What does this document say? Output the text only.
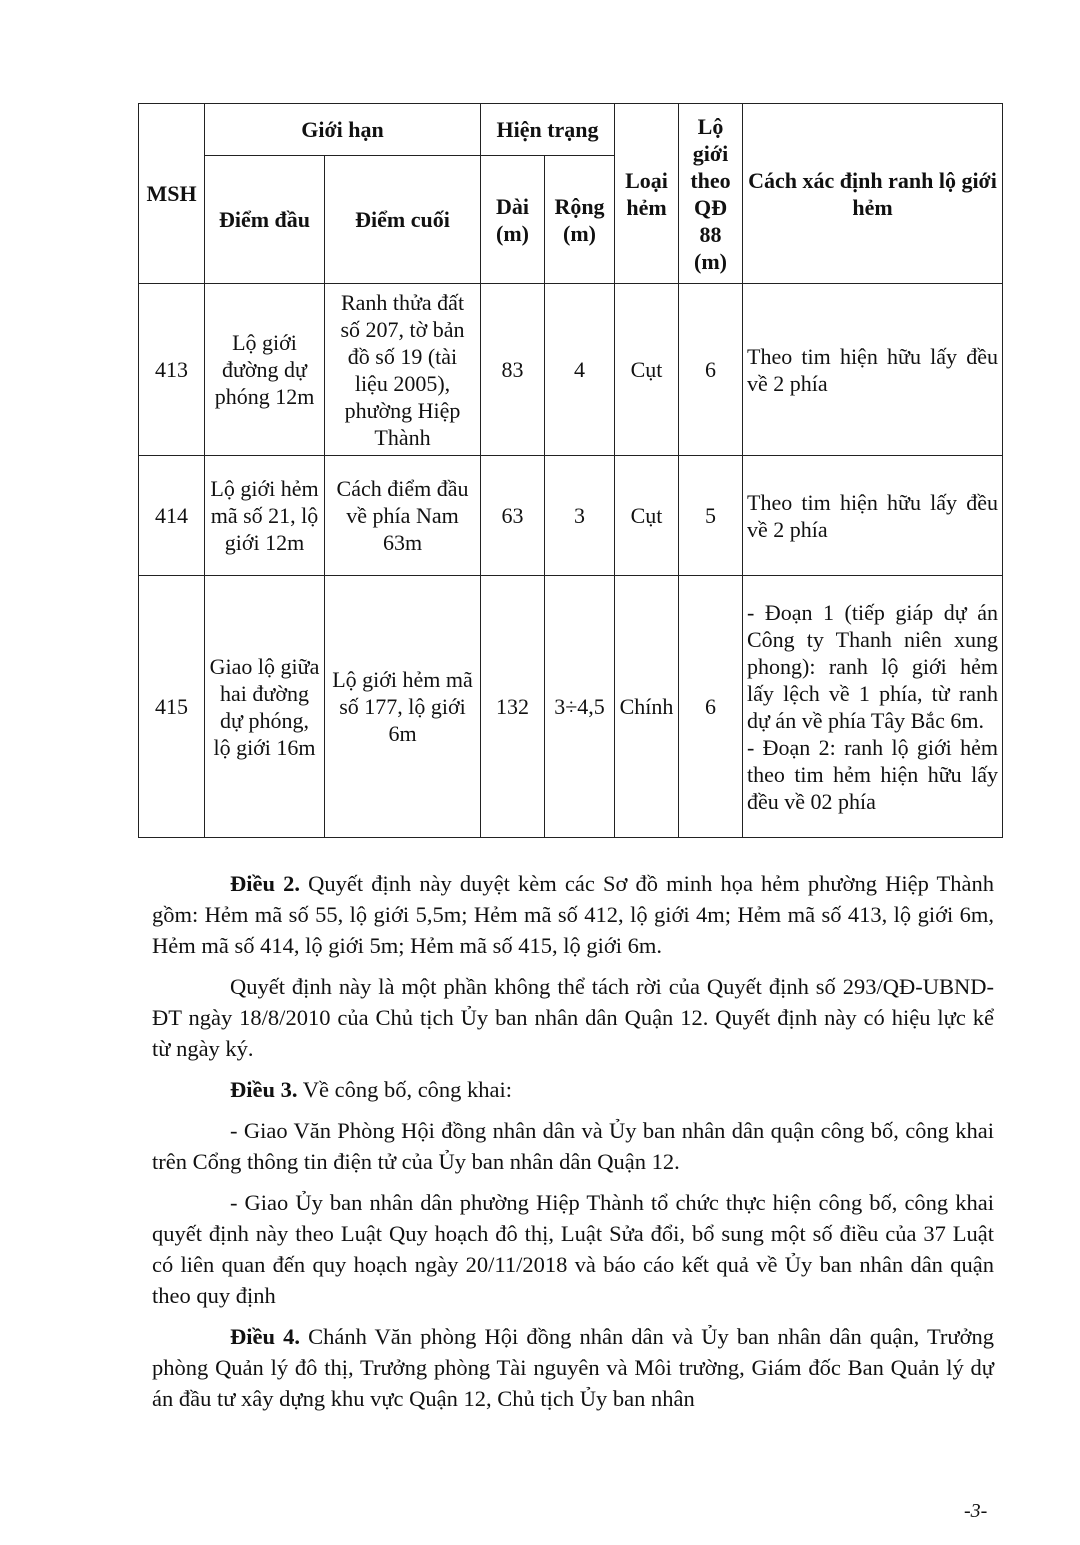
MSH	Giới hạn		Hiện trạng		Loại hẻm	Lộ giới theo QĐ 88 (m)	Cách xác định ranh lộ giới hẻm
	Điểm đầu	Điểm cuối	Dài (m)	Rộng (m)			
413	Lộ giới đường dự phóng 12m	Ranh thửa đất số 207, tờ bản đồ số 19 (tài liệu 2005), phường Hiệp Thành	83	4	Cụt	6	Theo tim hiện hữu lấy đều về 2 phía

414	Lộ giới hẻm mã số 21, lộ giới 12m	Cách điểm đầu về phía Nam 63m	63	3	Cụt	5	Theo tim hiện hữu lấy đều về 2 phía

415	Giao lộ giữa hai đường dự phóng, lộ giới 16m	Lộ giới hẻm mã số 177, lộ giới 6m	132	3÷4,5	Chính	6	- Đoạn 1 (tiếp giáp dự án Công ty Thanh niên xung phong): ranh lộ giới hẻm lấy lệch về 1 phía, từ ranh dự án về phía Tây Bắc 6m.

- Đoạn 2: ranh lộ giới hẻm theo tim hẻm hiện hữu lấy đều về 02 phía

Điều 2. Quyết định này duyệt kèm các Sơ đồ minh họa hẻm phường Hiệp Thành gồm: Hẻm mã số 55, lộ giới 5,5m; Hẻm mã số 412, lộ giới 4m; Hẻm mã số 413, lộ giới 6m, Hẻm mã số 414, lộ giới 5m; Hẻm mã số 415, lộ giới 6m.

Quyết định này là một phần không thể tách rời của Quyết định số 293/QĐ-UBND-ĐT ngày 18/8/2010 của Chủ tịch Ủy ban nhân dân Quận 12. Quyết định này có hiệu lực kể từ ngày ký.

Điều 3. Về công bố, công khai:

- Giao Văn Phòng Hội đồng nhân dân và Ủy ban nhân dân quận công bố, công khai trên Cổng thông tin điện tử của Ủy ban nhân dân Quận 12.

- Giao Ủy ban nhân dân phường Hiệp Thành tổ chức thực hiện công bố, công khai quyết định này theo Luật Quy hoạch đô thị, Luật Sửa đổi, bổ sung một số điều của 37 Luật có liên quan đến quy hoạch ngày 20/11/2018 và báo cáo kết quả về Ủy ban nhân dân quận theo quy định

Điều 4. Chánh Văn phòng Hội đồng nhân dân và Ủy ban nhân dân quận, Trưởng phòng Quản lý đô thị, Trưởng phòng Tài nguyên và Môi trường, Giám đốc Ban Quản lý dự án đầu tư xây dựng khu vực Quận 12, Chủ tịch Ủy ban nhân

-3-
